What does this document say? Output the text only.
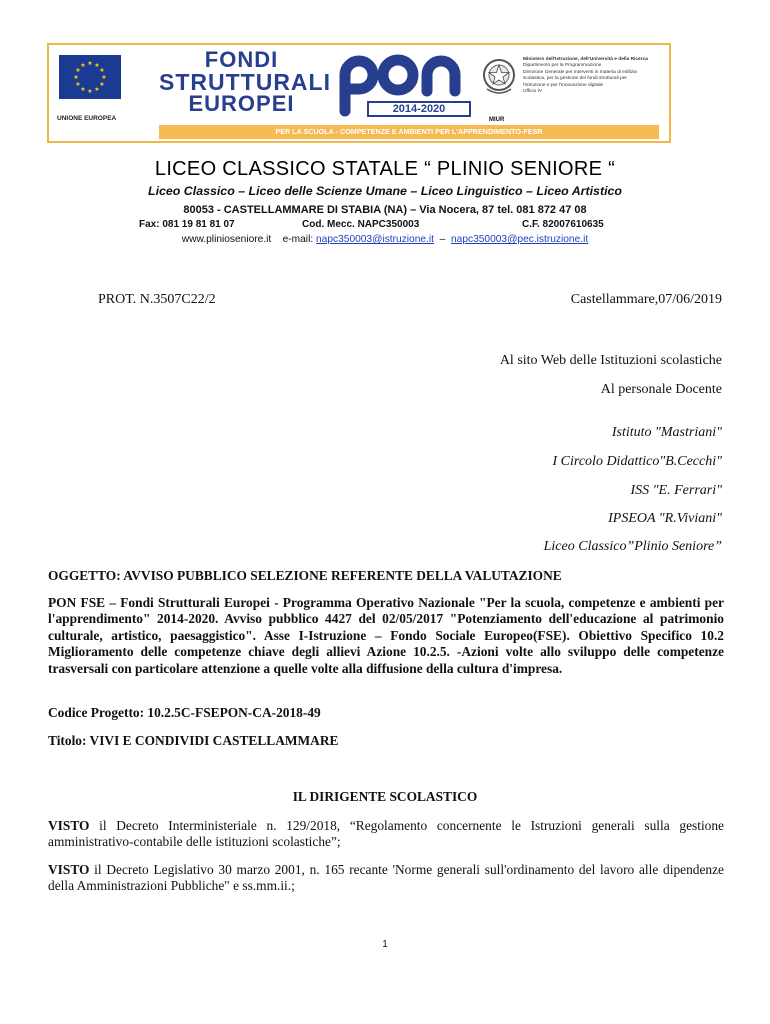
★ ★
★
★
★
★
★
★
★
★
★
★
UNIONE EUROPEA
FONDI
STRUTTURALI
EUROPEI	2014-2020
MIUR
Ministero dell'Istruzione, dell'Università e della Ricerca
Dipartimento per la Programmazione
Direzione Generale per interventi in materia di edilizia
scolastica, per la gestione dei fondi strutturali per
l'istruzione e per l'innovazione digitale
Ufficio IV
PER LA SCUOLA - COMPETENZE E AMBIENTI PER L'APPRENDIMENTO-FESR
LICEO CLASSICO STATALE “ PLINIO SENIORE “
Liceo Classico – Liceo delle Scienze Umane – Liceo Linguistico – Liceo Artistico
80053 - CASTELLAMMARE DI STABIA (NA) – Via Nocera, 87 tel. 081 872 47 08
Fax: 081 19 81 81 07	Cod. Mecc. NAPC350003	C.F. 82007610635
www.plinioseniore.it e-mail: napc350003@istruzione.it – napc350003@pec.istruzione.it
PROT. N.3507C22/2	Castellammare,07/06/2019
Al sito Web delle Istituzioni scolastiche
Al personale Docente
Istituto "Mastriani"
I Circolo Didattico"B.Cecchi"
ISS "E. Ferrari"
IPSEOA "R.Viviani"
Liceo Classico”Plinio Seniore”
OGGETTO: AVVISO PUBBLICO SELEZIONE REFERENTE DELLA VALUTAZIONE
PON FSE – Fondi Strutturali Europei - Programma Operativo Nazionale "Per la scuola, competenze e ambienti per l'apprendimento" 2014-2020. Avviso pubblico 4427 del 02/05/2017 "Potenziamento dell'educazione al patrimonio culturale, artistico, paesaggistico". Asse I-Istruzione – Fondo Sociale Europeo(FSE). Obiettivo Specifico 10.2 Miglioramento delle competenze chiave degli allievi Azione 10.2.5. -Azioni volte allo sviluppo delle competenze trasversali con particolare attenzione a quelle volte alla diffusione della cultura d'impresa.
Codice Progetto: 10.2.5C-FSEPON-CA-2018-49
Titolo: VIVI E CONDIVIDI CASTELLAMMARE
IL DIRIGENTE SCOLASTICO
VISTO il Decreto Interministeriale n. 129/2018, “Regolamento concernente le Istruzioni generali sulla gestione amministrativo-contabile delle istituzioni scolastiche”;
VISTO il Decreto Legislativo 30 marzo 2001, n. 165 recante 'Norme generali sull'ordinamento del lavoro alle dipendenze della Amministrazioni Pubbliche" e ss.mm.ii.;
1
